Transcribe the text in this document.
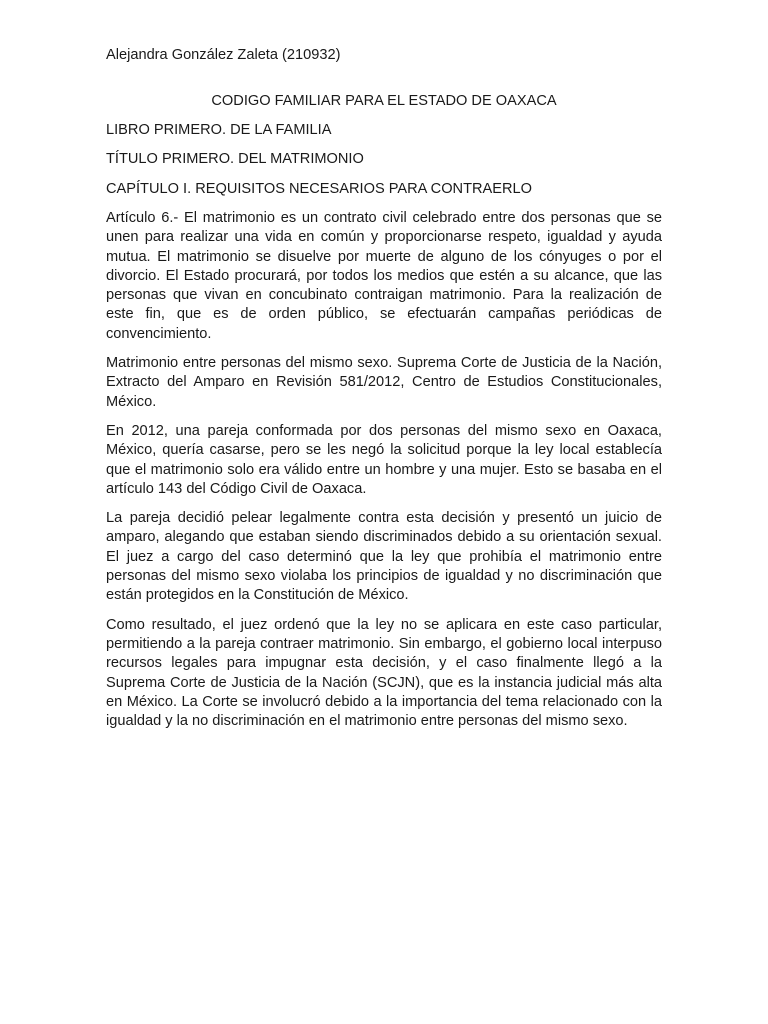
Alejandra González Zaleta (210932)
CODIGO FAMILIAR PARA EL ESTADO DE OAXACA
LIBRO PRIMERO. DE LA FAMILIA
TÍTULO PRIMERO. DEL MATRIMONIO
CAPÍTULO I. REQUISITOS NECESARIOS PARA CONTRAERLO

Artículo 6.- El matrimonio es un contrato civil celebrado entre dos personas que se unen para realizar una vida en común y proporcionarse respeto, igualdad y ayuda mutua. El matrimonio se disuelve por muerte de alguno de los cónyuges o por el divorcio. El Estado procurará, por todos los medios que estén a su alcance, que las personas que vivan en concubinato contraigan matrimonio. Para la realización de este fin, que es de orden público, se efectuarán campañas periódicas de convencimiento.

Matrimonio entre personas del mismo sexo. Suprema Corte de Justicia de la Nación, Extracto del Amparo en Revisión 581/2012, Centro de Estudios Constitucionales, México.

En 2012, una pareja conformada por dos personas del mismo sexo en Oaxaca, México, quería casarse, pero se les negó la solicitud porque la ley local establecía que el matrimonio solo era válido entre un hombre y una mujer. Esto se basaba en el artículo 143 del Código Civil de Oaxaca.

La pareja decidió pelear legalmente contra esta decisión y presentó un juicio de amparo, alegando que estaban siendo discriminados debido a su orientación sexual. El juez a cargo del caso determinó que la ley que prohibía el matrimonio entre personas del mismo sexo violaba los principios de igualdad y no discriminación que están protegidos en la Constitución de México.

Como resultado, el juez ordenó que la ley no se aplicara en este caso particular, permitiendo a la pareja contraer matrimonio. Sin embargo, el gobierno local interpuso recursos legales para impugnar esta decisión, y el caso finalmente llegó a la Suprema Corte de Justicia de la Nación (SCJN), que es la instancia judicial más alta en México. La Corte se involucró debido a la importancia del tema relacionado con la igualdad y la no discriminación en el matrimonio entre personas del mismo sexo.
